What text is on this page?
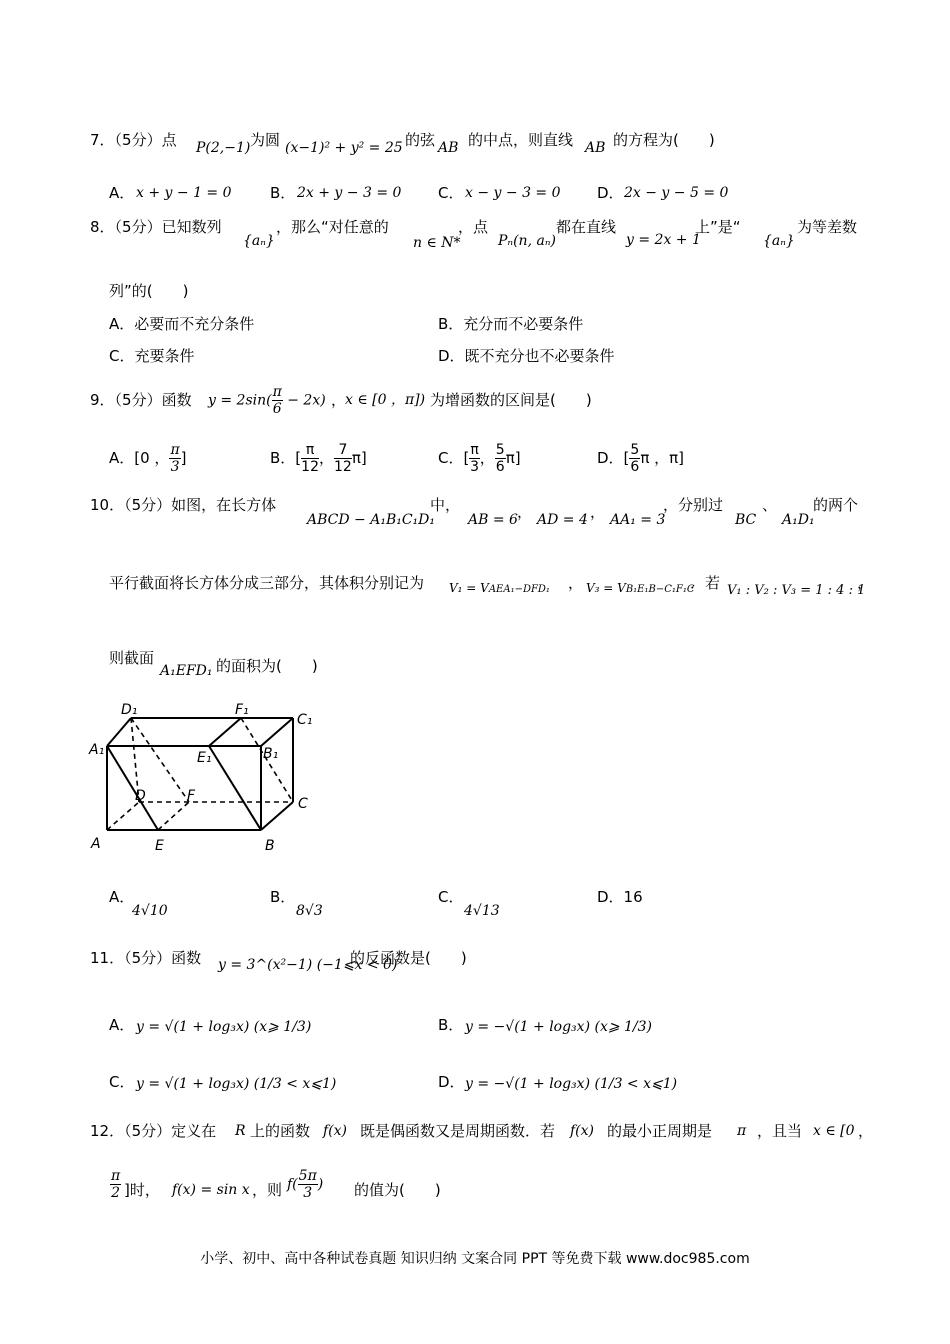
7．（5分）点 P(2,−1) 为圆 (x−1)² + y² = 25 的弦 AB 的中点，则直线 AB 的方程为(　　)
A． x + y − 1 = 0	B． 2x + y − 3 = 0 C． x − y − 3 = 0 D． 2x − y − 5 = 0
8．（5分）已知数列
{aₙ}
，那么“对任意的
n ∈ N*
，点
Pₙ(n, aₙ)
都在直线
y = 2x + 1
上”是“
{aₙ}
为等差数
列”的(　　)
A．必要而不充分条件	B．充分而不必要条件
C．充要条件	D．既不充分也不必要条件
9．（5分）函数 $y = 2\sin( \frac{\pi}{6} - 2x)$ ，
x ∈ [0 ，π]) 为增函数的区间是(　　)
A．[0 ， $\frac{\pi}{3}$ ]	B．[ $\frac{\pi}{12}$ ， $\frac{7}{12} \pi$]	C．[ $\frac{\pi}{3}$ ， $\frac{5}{6} \pi$]	D．[ $\frac{5}{6}$ π ，π]
10．（5分）如图，在长方体
ABCD − A₁B₁C₁D₁
中，
AB = 6 ， AD = 4 ， AA₁ = 3
，分别过
BC
、
A₁D₁
的两个
平行截面将长方体分成三部分，其体积分别记为 V₁ = VAEA₁−DFD₁ ， V₃ = VB₁E₁B−C₁F₁C
．若 V₁ : V₂ : V₃ = 1 : 4 : 1
，
则截面
A₁EFD₁ 的面积为(　　)
D₁	F₁
C₁
A₁	E₁	B₁
D	F	C
A	E	B
A．
4√10
B．
8√3
C．
4√13
D．16
11．（5分）函数 y = 3^(x²−1) (−1⩽x < 0)
的反函数是(　　)
A． y = √(1 + log₃x) (x⩾ 1/3)	B． y = −√(1 + log₃x) (x⩾ 1/3)
C． y = √(1 + log₃x) (1/3 < x⩽1)	D． y = −√(1 + log₃x) (1/3 < x⩽1)
12．（5分）定义在 R 上的函数 f(x) 既是偶函数又是周期函数．若 f(x) 的最小正周期是 π ，且当 x ∈ [0 ，
$\frac{\pi}{2}$ ]时， f(x) = sin x ，则 $f( \frac{5\pi}{3}$ ) 的值为(　　)
小学、初中、高中各种试卷真题 知识归纳 文案合同 PPT 等免费下载 www.doc985.com
